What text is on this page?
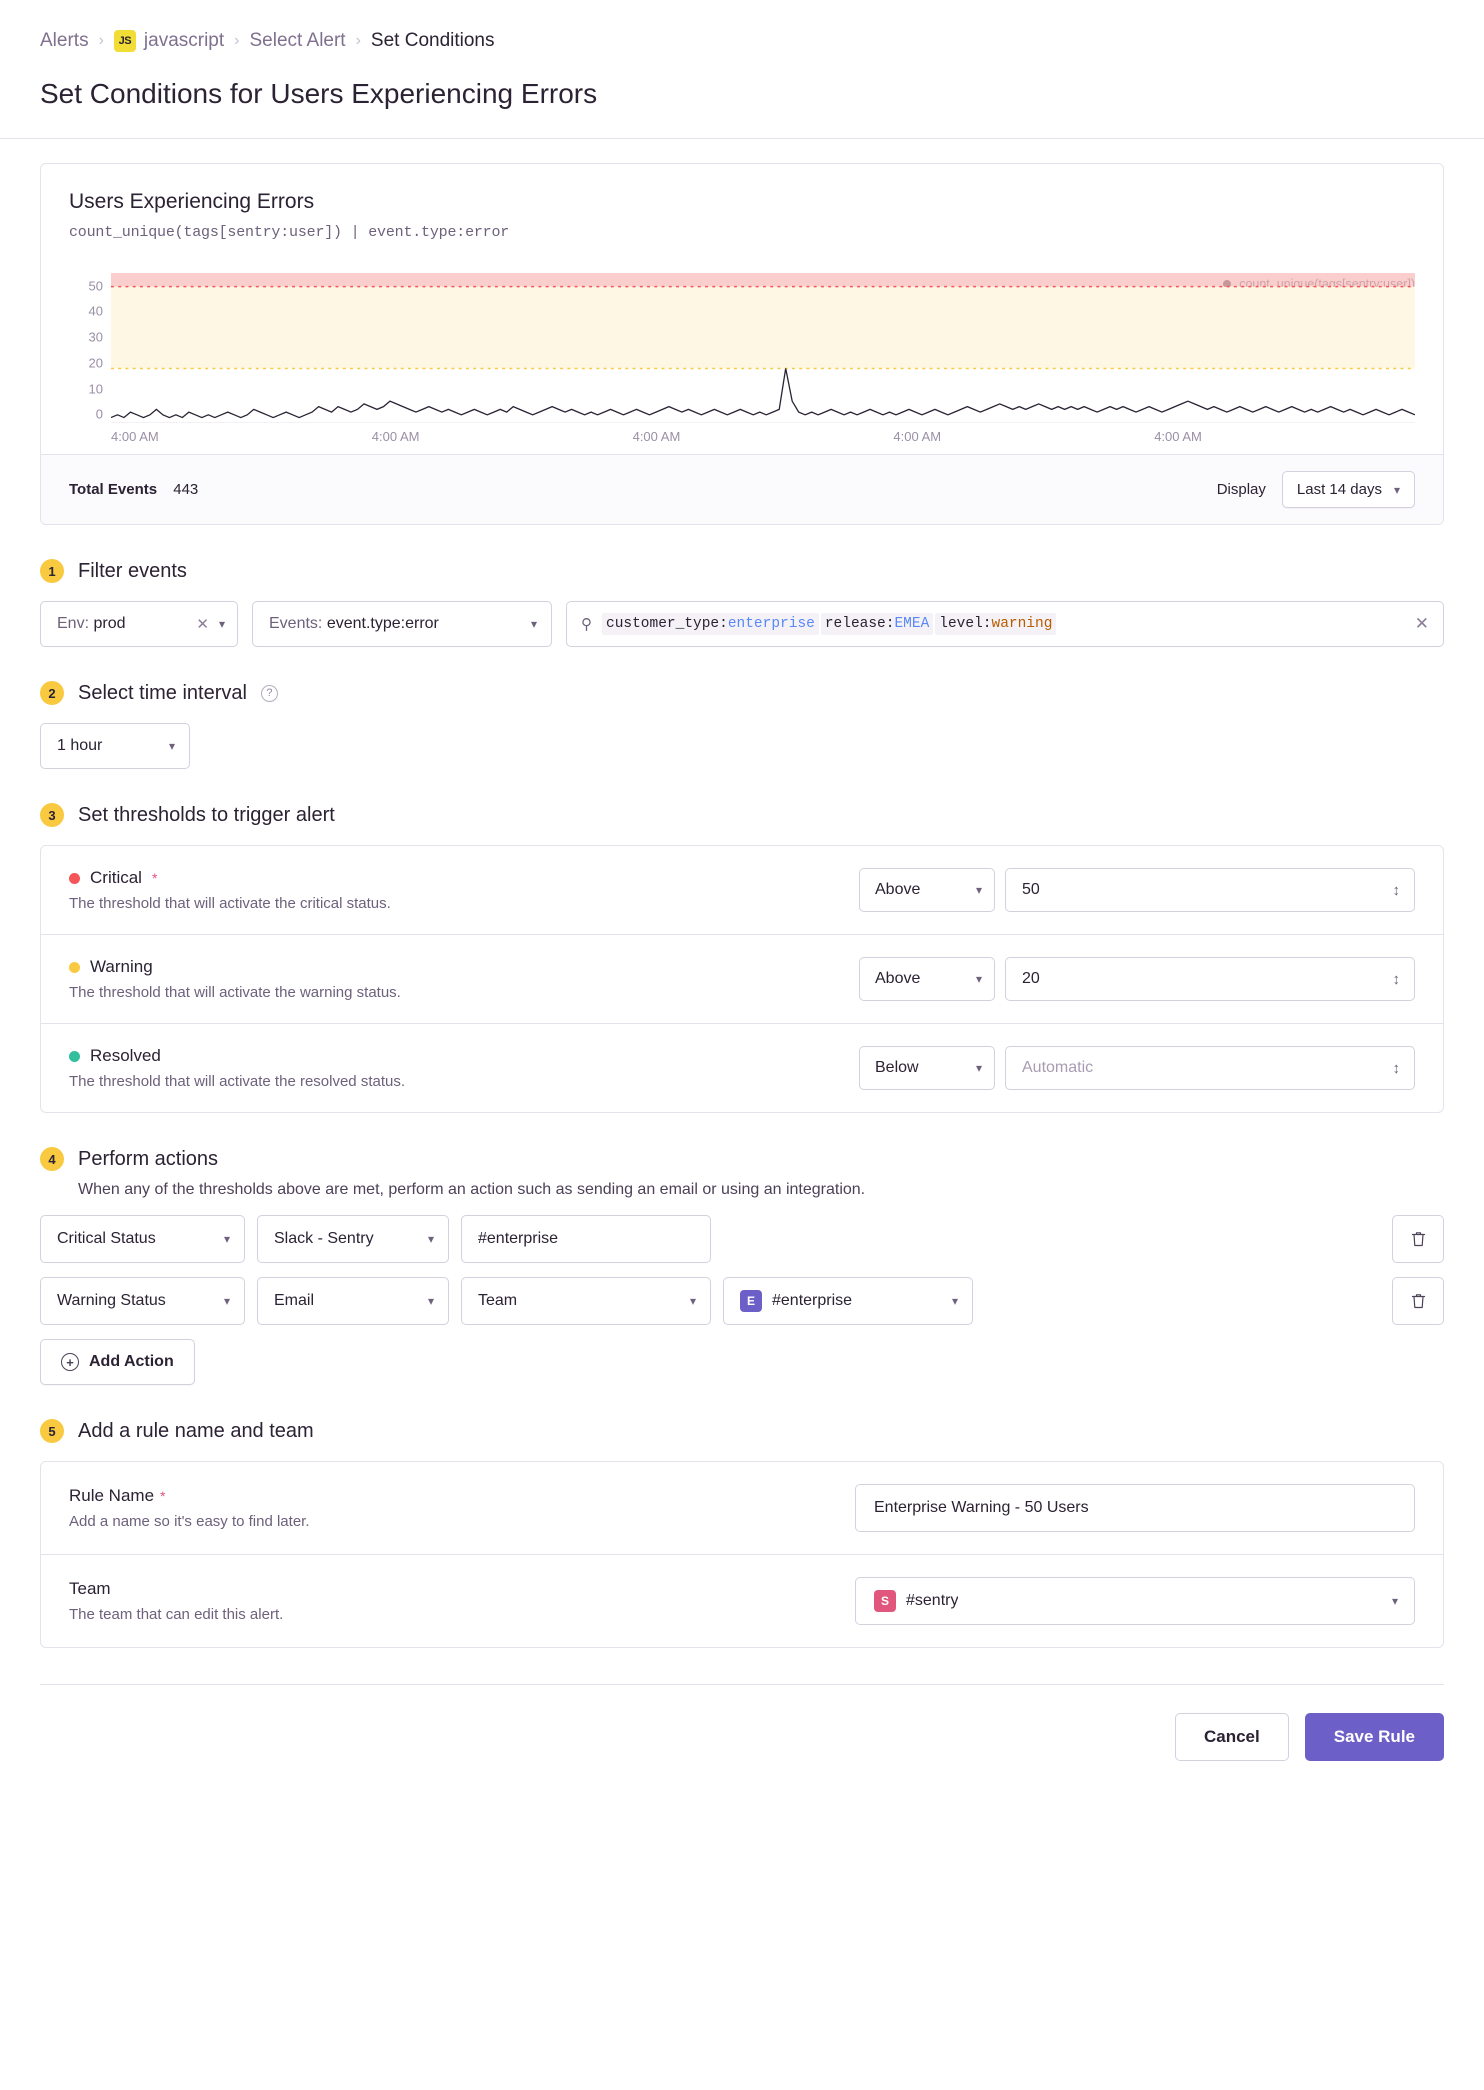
Alerts ›	JS javascript › Select Alert › Set Conditions
Set Conditions for Users Experiencing Errors
Users Experiencing Errors
count_unique(tags[sentry:user]) | event.type:error
50
40
30
20
10
0
4:00 AM	4:00 AM	4:00 AM	4:00 AM	4:00 AM
Total Events 443	Display Last 14 days ▾
1	Filter events
Env: prod	✕ ▾	Events: event.type:error	▾	⚲ customer_type:enterprise release:EMEA level:warning	✕
2	Select time interval	?
1 hour	▾
3	Set thresholds to trigger alert
Critical *
The threshold that will activate the critical status.
Above	▾	50	↕
Warning
The threshold that will activate the warning status.
Above	▾	20	↕
Resolved
The threshold that will activate the resolved status.
Below	▾	Automatic	↕
4	Perform actions
When any of the thresholds above are met, perform an action such as sending an email or using an integration.
Critical Status	▾	Slack - Sentry	▾	#enterprise
Warning Status	▾	Email	▾	Team	▾	E	#enterprise	▾
+ Add Action
5	Add a rule name and team
Rule Name *
Add a name so it's easy to find later.
Enterprise Warning - 50 Users
Team
The team that can edit this alert.
S	#sentry	▾
Cancel	Save Rule
